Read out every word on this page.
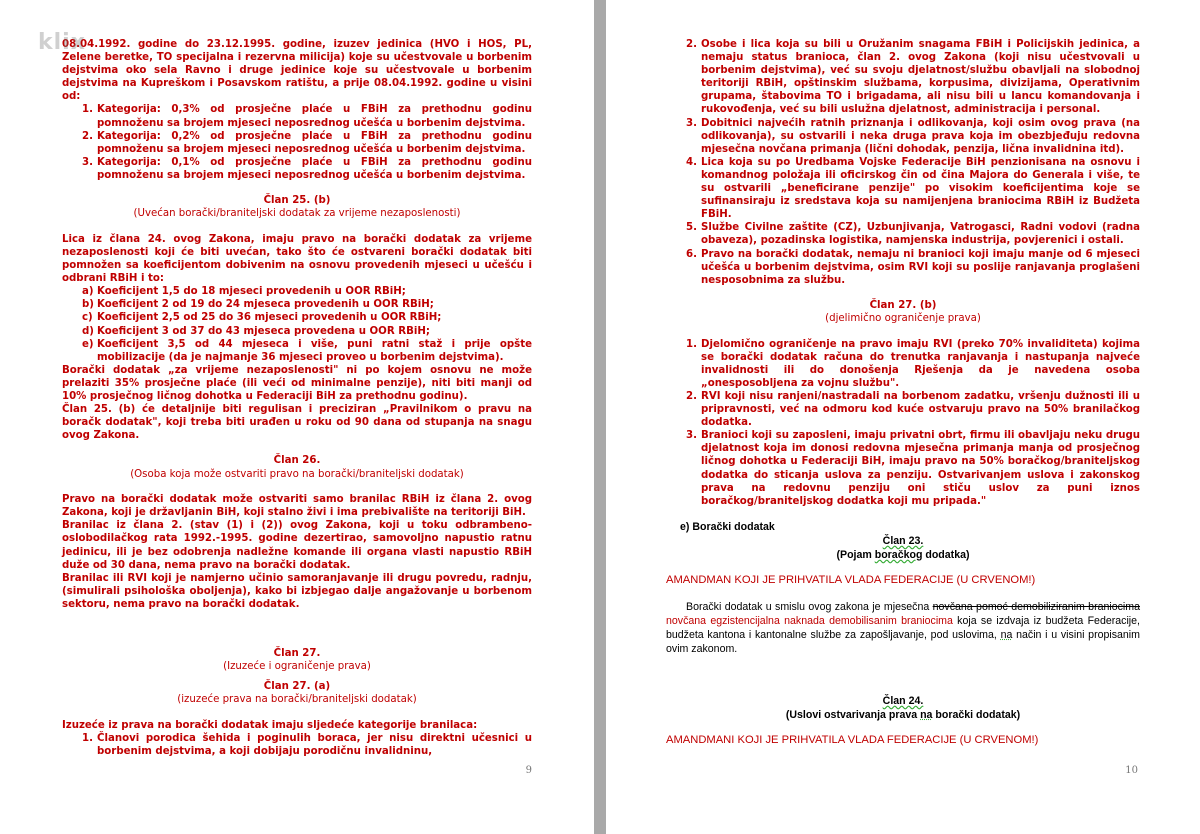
klix

08.04.1992. godine do 23.12.1995. godine, izuzev jedinica (HVO i HOS, PL, Zelene beretke, TO specijalna i rezervna milicija) koje su učestvovale u borbenim dejstvima oko sela Ravno i druge jedinice koje su učestvovale u borbenim dejstvima na Kupreškom i Posavskom ratištu, a prije 08.04.1992. godine u visini od:

1. Kategorija: 0,3% od prosječne plaće u FBiH za prethodnu godinu pomnoženu sa brojem mjeseci neposrednog učešća u borbenim dejstvima.
2. Kategorija: 0,2% od prosječne plaće u FBiH za prethodnu godinu pomnoženu sa brojem mjeseci neposrednog učešća u borbenim dejstvima.
3. Kategorija: 0,1% od prosječne plaće u FBiH za prethodnu godinu pomnoženu sa brojem mjeseci neposrednog učešća u borbenim dejstvima.

Član 25. (b)

(Uvećan borački/braniteljski dodatak za vrijeme nezaposlenosti)

Lica iz člana 24. ovog Zakona, imaju pravo na borački dodatak za vrijeme nezaposlenosti koji će biti uvećan, tako što će ostvareni borački dodatak biti pomnožen sa koeficijentom dobivenim na osnovu provedenih mjeseci u učešću i odbrani RBiH i to:

a) Koeficijent 1,5 do 18 mjeseci provedenih u OOR RBiH;
b) Koeficijent 2 od 19 do 24 mjeseca provedenih u OOR RBiH;
c) Koeficijent 2,5 od 25 do 36 mjeseci provedenih u OOR RBiH;
d) Koeficijent 3 od 37 do 43 mjeseca provedena u OOR RBiH;
e) Koeficijent 3,5 od 44 mjeseca i više, puni ratni staž i prije opšte mobilizacije (da je najmanje 36 mjeseci proveo u borbenim dejstvima).

Borački dodatak „za vrijeme nezaposlenosti" ni po kojem osnovu ne može prelaziti 35% prosječne plaće (ili veći od minimalne penzije), niti biti manji od 10% prosječnog ličnog dohotka u Federaciji BiH za prethodnu godinu).

Član 25. (b) će detaljnije biti regulisan i preciziran „Pravilnikom o pravu na boračk dodatak", koji treba biti urađen u roku od 90 dana od stupanja na snagu ovog Zakona.

Član 26.

(Osoba koja može ostvariti pravo na borački/braniteljski dodatak)

Pravo na borački dodatak može ostvariti samo branilac RBiH iz člana 2. ovog Zakona, koji je državljanin BiH, koji stalno živi i ima prebivalište na teritoriji BiH.

Branilac iz člana 2. (stav (1) i (2)) ovog Zakona, koji u toku odbrambeno-oslobodilačkog rata 1992.-1995. godine dezertirao, samovoljno napustio ratnu jedinicu, ili je bez odobrenja nadležne komande ili organa vlasti napustio RBiH duže od 30 dana, nema pravo na borački dodatak.

Branilac ili RVI koji je namjerno učinio samoranjavanje ili drugu povredu, radnju, (simulirali psihološka oboljenja), kako bi izbjegao dalje angažovanje u borbenom sektoru, nema pravo na borački dodatak.

Član 27.

(Izuzeće i ograničenje prava)

Član 27. (a)

(izuzeće prava na borački/braniteljski dodatak)

Izuzeće iz prava na borački dodatak imaju sljedeće kategorije branilaca:

1. Članovi porodica šehida i poginulih boraca, jer nisu direktni učesnici u borbenim dejstvima, a koji dobijaju porodičnu invalidninu,
9
2. Osobe i lica koja su bili u Oružanim snagama FBiH i Policijskih jedinica, a nemaju status branioca, član 2. ovog Zakona (koji nisu učestvovali u borbenim dejstvima), već su svoju djelatnost/službu obavljali na slobodnoj teritoriji RBiH, opštinskim službama, korpusima, divizijama, Operativnim grupama, štabovima TO i brigadama, ali nisu bili u lancu komandovanja i rukovođenja, već su bili uslužna djelatnost, administracija i personal.
3. Dobitnici najvećih ratnih priznanja i odlikovanja, koji osim ovog prava (na odlikovanja), su ostvarili i neka druga prava koja im obezbjeđuju redovna mjesečna novčana primanja (lični dohodak, penzija, lična invalidnina itd).
4. Lica koja su po Uredbama Vojske Federacije BiH penzionisana na osnovu i komandnog položaja ili oficirskog čin od čina Majora do Generala i više, te su ostvarili „beneficirane penzije" po visokim koeficijentima koje se sufinansiraju iz sredstava koja su namijenjena braniocima RBiH iz Budžeta FBiH.
5. Službe Civilne zaštite (CZ), Uzbunjivanja, Vatrogasci, Radni vodovi (radna obaveza), pozadinska logistika, namjenska industrija, povjerenici i ostali.
6. Pravo na borački dodatak, nemaju ni branioci koji imaju manje od 6 mjeseci učešća u borbenim dejstvima, osim RVI koji su poslije ranjavanja proglašeni nesposobnima za službu.

Član 27. (b)

(djelimično ograničenje prava)

1. Djelomično ograničenje na pravo imaju RVI (preko 70% invaliditeta) kojima se borački dodatak računa do trenutka ranjavanja i nastupanja najveće invalidnosti ili do donošenja Rješenja da je navedena osoba „onesposobljena za vojnu službu".
2. RVI koji nisu ranjeni/nastradali na borbenom zadatku, vršenju dužnosti ili u pripravnosti, već na odmoru kod kuće ostvaruju pravo na 50% branilačkog dodatka.
3. Branioci koji su zaposleni, imaju privatni obrt, firmu ili obavljaju neku drugu djelatnost koja im donosi redovna mjesečna primanja manja od prosječnog ličnog dohotka u Federaciji BiH, imaju pravo na 50% boračkog/braniteljskog dodatka do sticanja uslova za penziju. Ostvarivanjem uslova i zakonskog prava na redovnu penziju oni stiču uslov za puni iznos boračkog/braniteljskog dodatka koji mu pripada."

e) Borački dodatak

Član 23.

(Pojam boračkog dodatka)

AMANDMAN KOJI JE PRIHVATILA VLADA FEDERACIJE (U CRVENOM!)

Borački dodatak u smislu ovog zakona je mjesečna novčana pomoć demobiliziranim braniocima novčana egzistencijalna naknada demobilisanim braniocima koja se izdvaja iz budžeta Federacije, budžeta kantona i kantonalne službe za zapošljavanje, pod uslovima, na način i u visini propisanim ovim zakonom.

Član 24.

(Uslovi ostvarivanja prava na borački dodatak)

AMANDMANI KOJI JE PRIHVATILA VLADA FEDERACIJE (U CRVENOM!)

10
